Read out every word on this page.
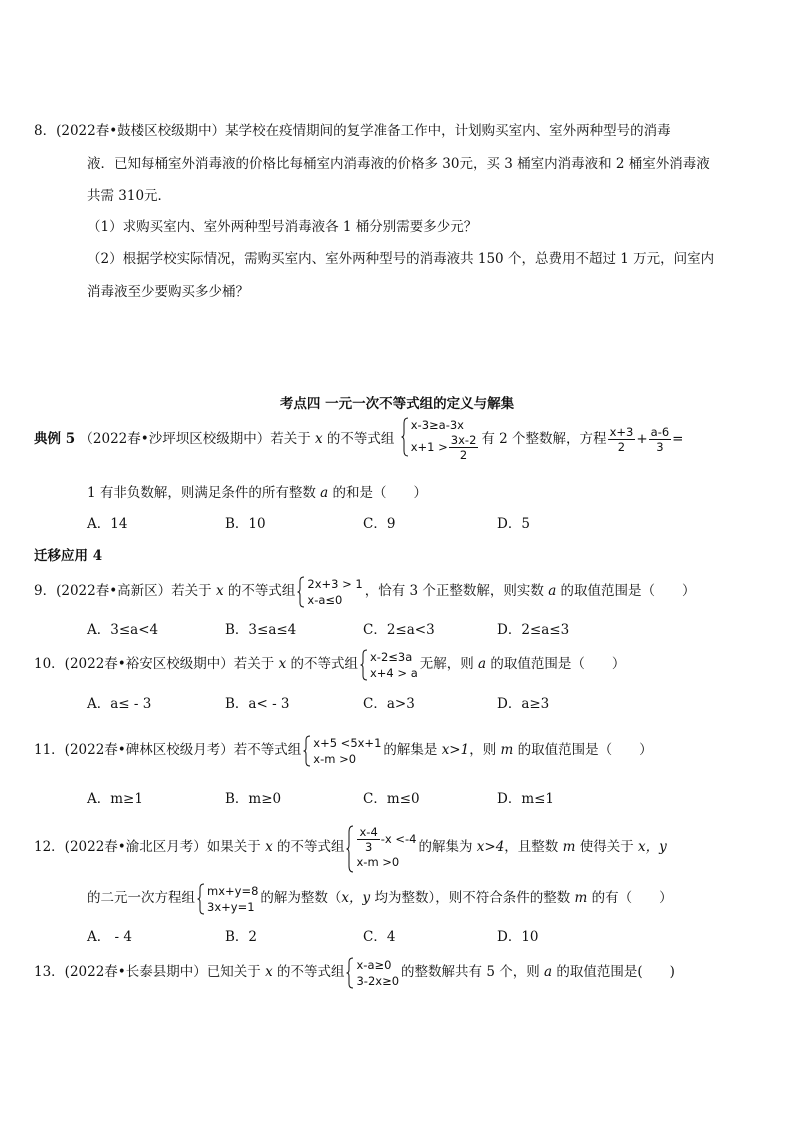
8．(2022春•鼓楼区校级期中）某学校在疫情期间的复学准备工作中，计划购买室内、室外两种型号的消毒
液．已知每桶室外消毒液的价格比每桶室内消毒液的价格多 30元，买 3 桶室内消毒液和 2 桶室外消毒液
共需 310元．
（1）求购买室内、室外两种型号消毒液各 1 桶分别需要多少元？
（2）根据学校实际情况，需购买室内、室外两种型号的消毒液共 150 个，总费用不超过 1 万元，问室内
消毒液至少要购买多少桶？
考点四 一元一次不等式组的定义与解集
典例 5 （2022春•沙坪坝区校级期中）若关于 x 的不等式组
x-3≥a-3x
$x+1 > \frac{3x-2}{2}$ 有 2 个整数解，方程 $\frac{x+3}{2} + \frac{a-6}{3}$ =
1 有非负数解，则满足条件的所有整数 a 的和是（　　）
A．14	B．10	C．9	D．5
迁移应用 4
9．(2022春•高新区）若关于 x 的不等式组 2x+3 > 1
x-a≤0
，恰有 3 个正整数解，则实数 a 的取值范围是（　　）
A．3≤a<4	B．3≤a≤4	C．2≤a<3	D．2≤a≤3
10．(2022春•裕安区校级期中）若关于 x 的不等式组 x-2≤3a
x+4 > a
无解，则 a 的取值范围是（　　）
A．a≤ - 3	B．a< - 3	C．a>3	D．a≥3
11．(2022春•碑林区校级月考）若不等式组 x+5 <5x+1
x-m >0
的解集是 x>1，则 m 的取值范围是（　　）
A．m≥1	B．m≥0	C．m≤0	D．m≤1
12．(2022春•渝北区月考）如果关于 x 的不等式组 $\frac{x-4}{3} -x <-4$
x-m >0
的解集为 x>4，且整数 m 使得关于 x，y
的二元一次方程组 mx+y=8
3x+y=1
的解为整数（x，y 均为整数），则不符合条件的整数 m 的有（　　）
A． - 4	B．2	C．4	D．10
13．(2022春•长泰县期中）已知关于 x 的不等式组 x-a≥0
3-2x≥0
的整数解共有 5 个，则 a 的取值范围是(　　)
